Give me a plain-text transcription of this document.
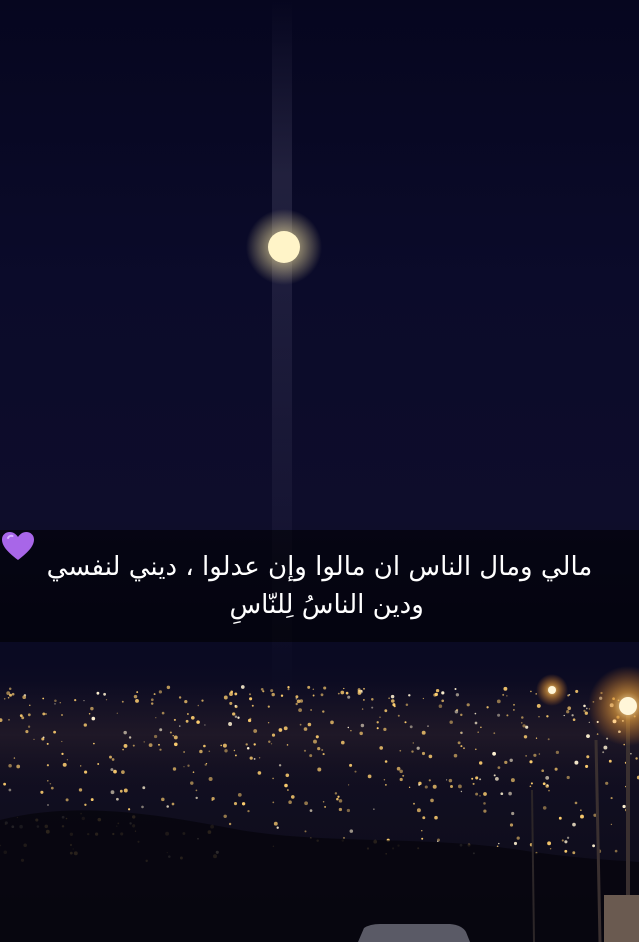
مالي ومال الناس ان مالوا وإن عدلوا ، ديني لنفسي
ودين الناسُ لِلنّاسِ
